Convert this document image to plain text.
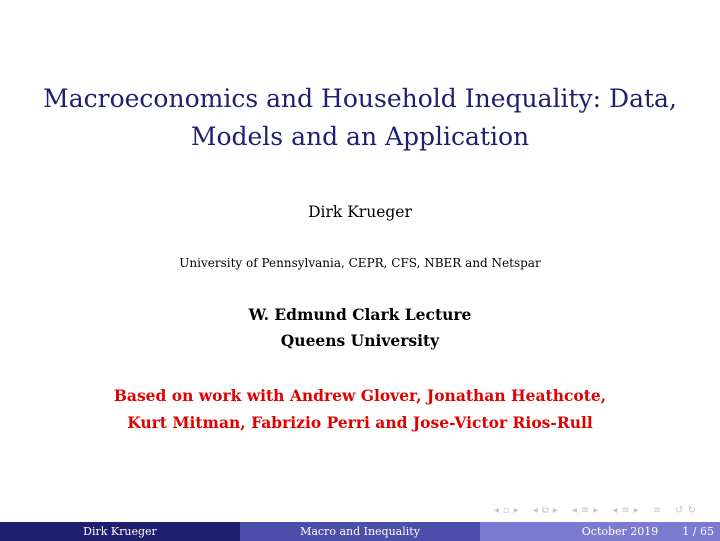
Macroeconomics and Household Inequality: Data,
Models and an Application
Dirk Krueger
University of Pennsylvania, CEPR, CFS, NBER and Netspar
W. Edmund Clark Lecture
Queens University
Based on work with Andrew Glover, Jonathan Heathcote,
Kurt Mitman, Fabrizio Perri and Jose-Victor Rios-Rull
◂ ▫ ▸ ◂ ⧉ ▸ ◂ ≡ ▸ ◂ ≡ ▸ ≡ ↺ ↻
Dirk Krueger	Macro and Inequality	October 2019 1 / 65
